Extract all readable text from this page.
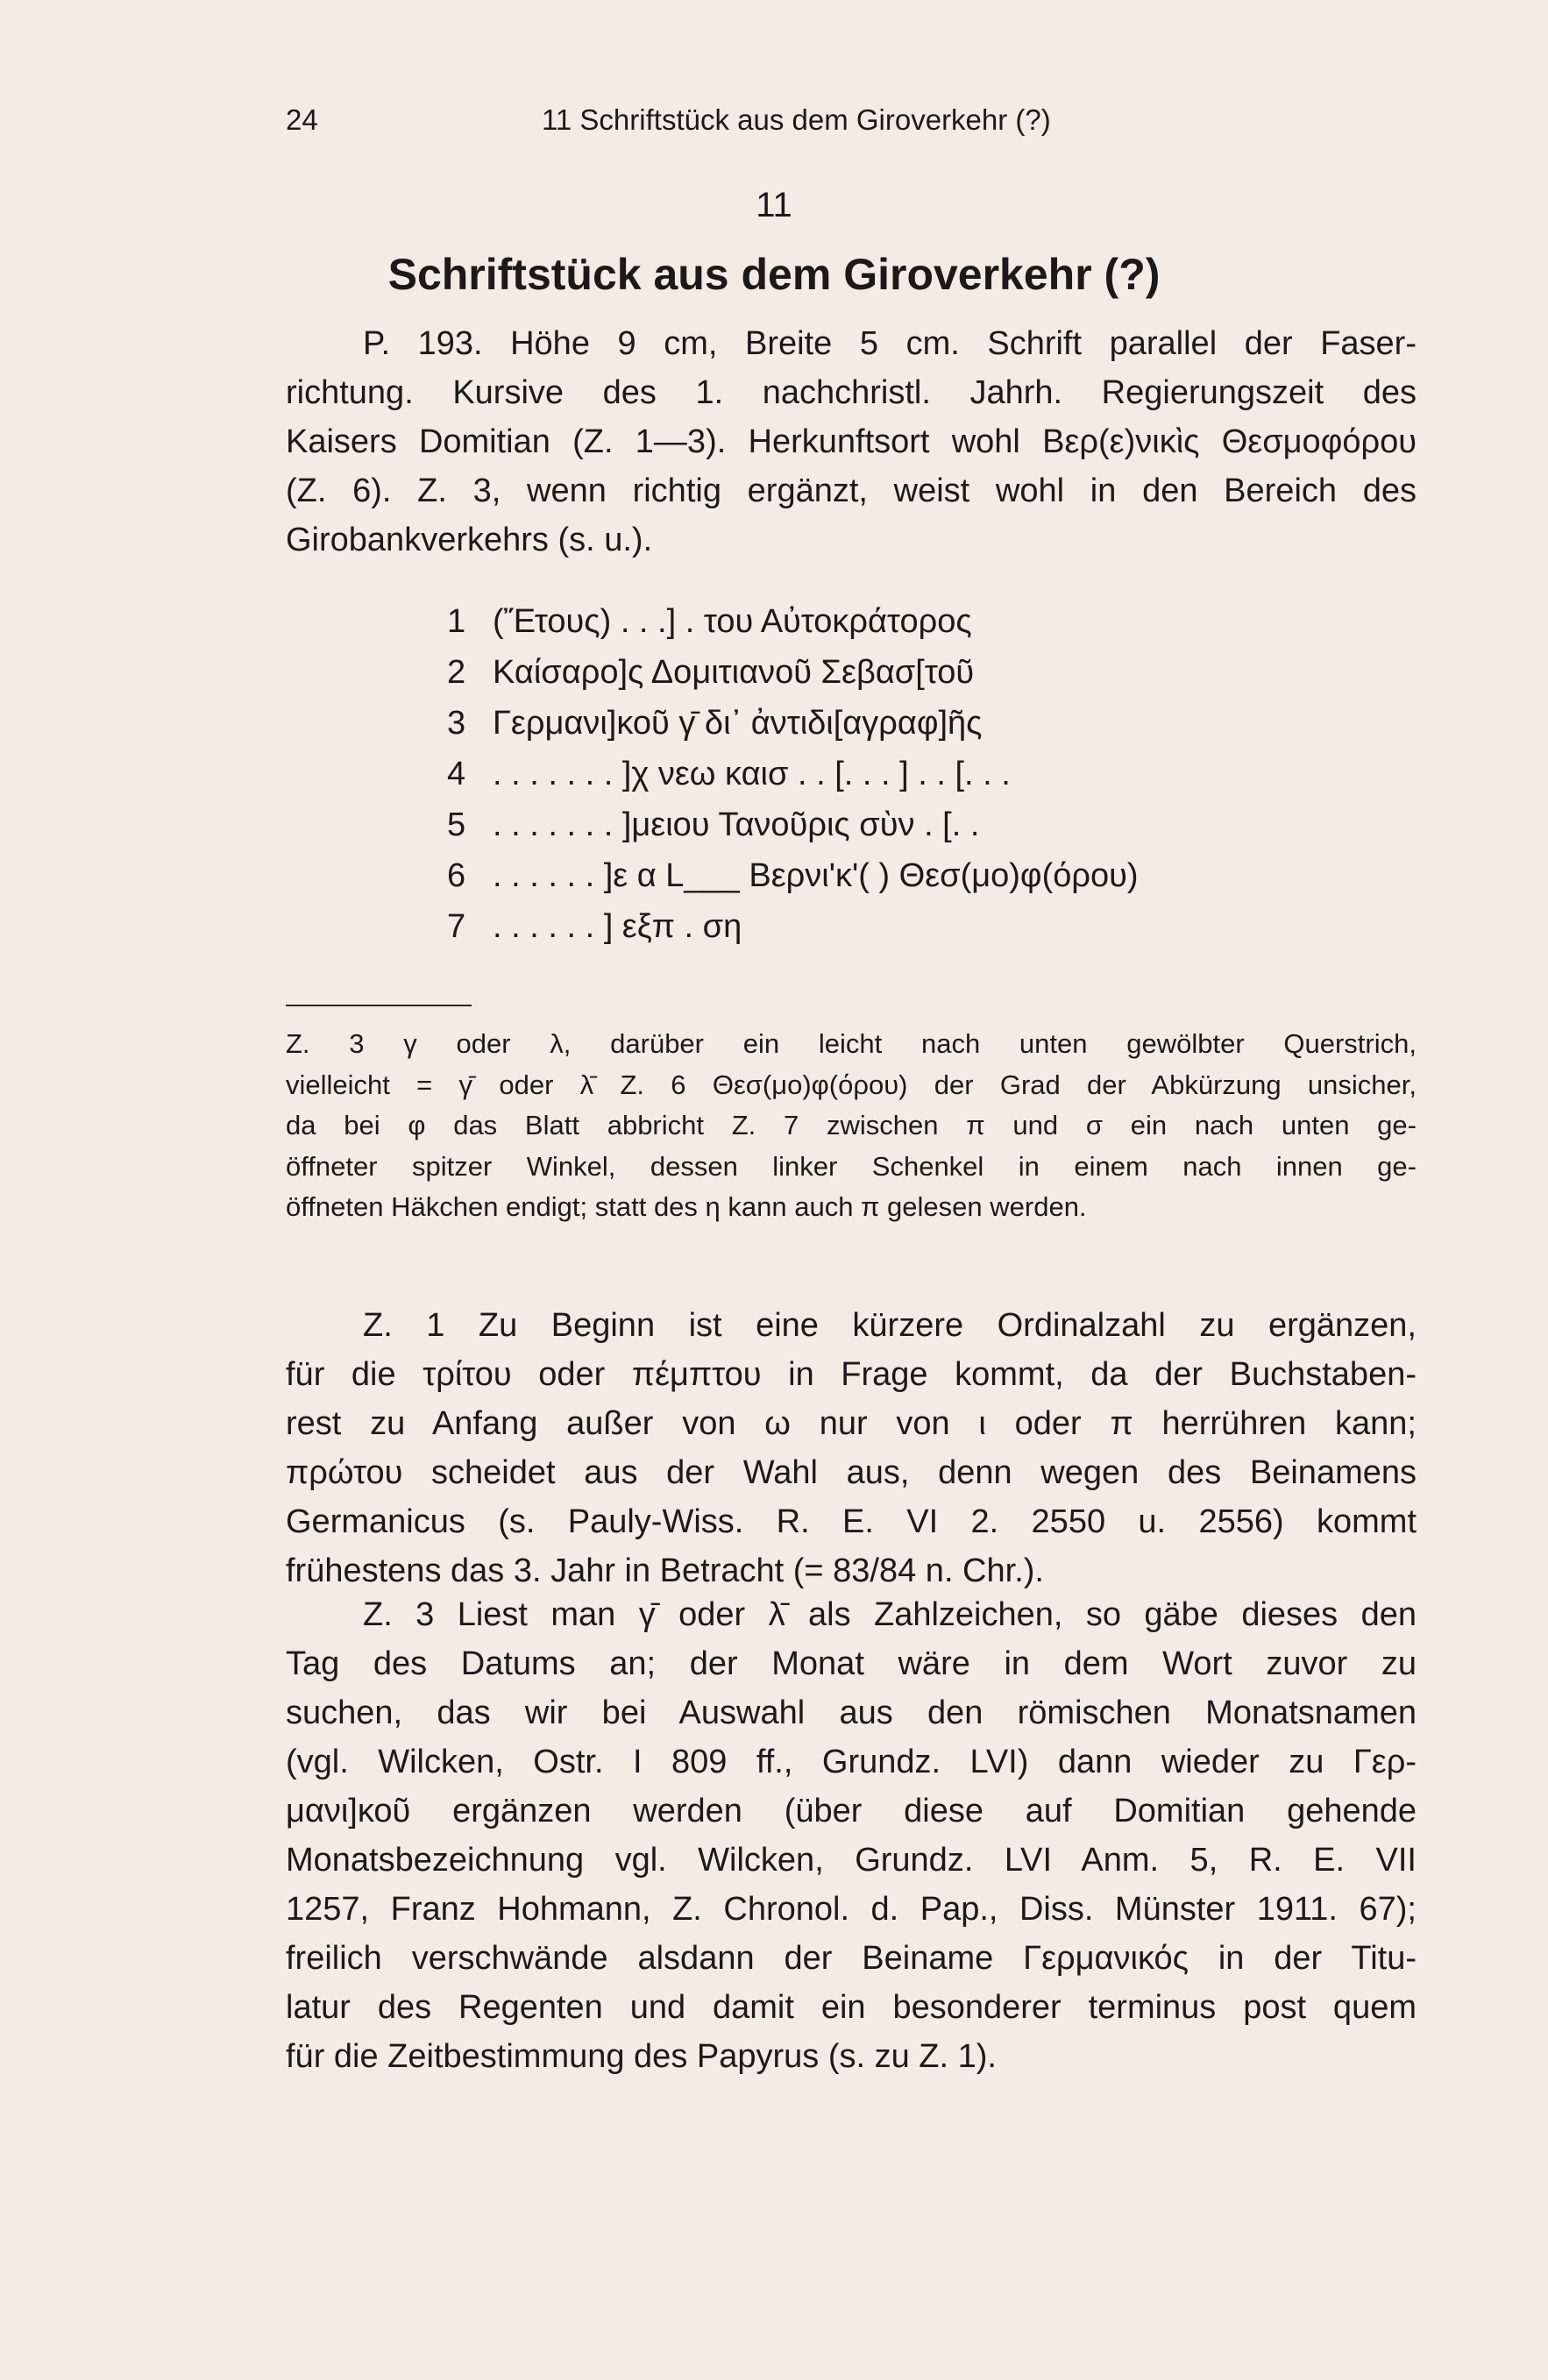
24	11 Schriftstück aus dem Giroverkehr (?)
11
Schriftstück aus dem Giroverkehr (?)
P. 193. Höhe 9 cm, Breite 5 cm. Schrift parallel der Faser-
richtung. Kursive des 1. nachchristl. Jahrh. Regierungszeit des
Kaisers Domitian (Z. 1—3). Herkunftsort wohl Βερ(ε)νικὶς Θεσμοφόρου
(Z. 6). Z. 3, wenn richtig ergänzt, weist wohl in den Bereich des
Girobankverkehrs (s. u.).
1 (Ἔτους) . . .] . του Αὐτοκράτορος
2 Καίσαρο]ς Δομιτιανοῦ Σεβασ[τοῦ
3 Γερμανι]κοῦ γ̄ δι᾽ ἀντιδι[αγραφ]ῆς
4 . . . . . . . ]χ νεω καισ . . [. . . ] . . [. . .
5 . . . . . . . ]μειου Τανοῦρις σὺν . [. .
6 . . . . . . ]ε α L___ Βερνι'κ'( ) Θεσ(μο)φ(όρου)
7 . . . . . . ] εξπ . ση
Z. 3 γ oder λ, darüber ein leicht nach unten gewölbter Querstrich,
vielleicht = γ̄ oder λ̄ Z. 6 Θεσ(μο)φ(όρου) der Grad der Abkürzung unsicher,
da bei φ das Blatt abbricht Z. 7 zwischen π und σ ein nach unten ge-
öffneter spitzer Winkel, dessen linker Schenkel in einem nach innen ge-
öffneten Häkchen endigt; statt des η kann auch π gelesen werden.
Z. 1 Zu Beginn ist eine kürzere Ordinalzahl zu ergänzen,
für die τρίτου oder πέμπτου in Frage kommt, da der Buchstaben-
rest zu Anfang außer von ω nur von ι oder π herrühren kann;
πρώτου scheidet aus der Wahl aus, denn wegen des Beinamens
Germanicus (s. Pauly-Wiss. R. E. VI 2. 2550 u. 2556) kommt
frühestens das 3. Jahr in Betracht (= 83/84 n. Chr.).
Z. 3 Liest man γ̄ oder λ̄ als Zahlzeichen, so gäbe dieses den
Tag des Datums an; der Monat wäre in dem Wort zuvor zu
suchen, das wir bei Auswahl aus den römischen Monatsnamen
(vgl. Wilcken, Ostr. I 809 ff., Grundz. LVI) dann wieder zu Γερ-
μανι]κοῦ ergänzen werden (über diese auf Domitian gehende
Monatsbezeichnung vgl. Wilcken, Grundz. LVI Anm. 5, R. E. VII
1257, Franz Hohmann, Z. Chronol. d. Pap., Diss. Münster 1911. 67);
freilich verschwände alsdann der Beiname Γερμανικός in der Titu-
latur des Regenten und damit ein besonderer terminus post quem
für die Zeitbestimmung des Papyrus (s. zu Z. 1).
